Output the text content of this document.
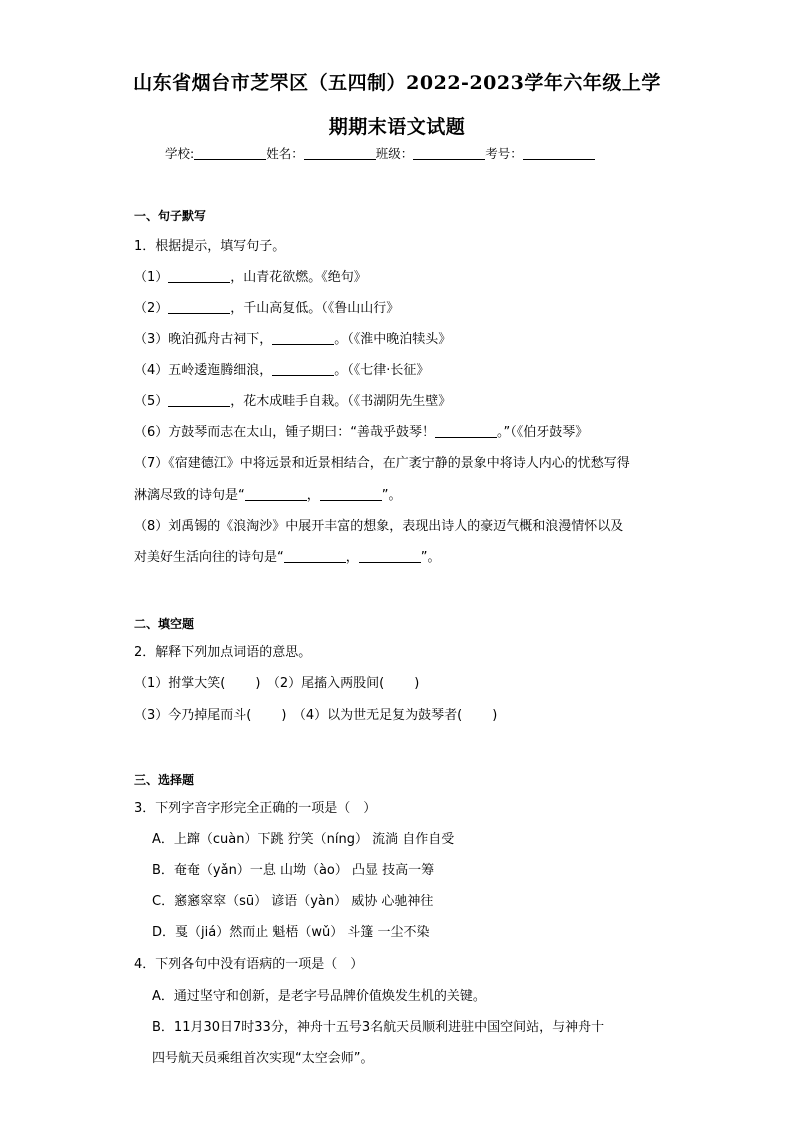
山东省烟台市芝罘区（五四制）2022-2023学年六年级上学
期期末语文试题
学校:	姓名：	班级：	考号：
一、句子默写
1．根据提示，填写句子。
（1）	，山青花欲燃。《绝句》
（2）	，千山高复低。（《鲁山山行》
（3）晚泊孤舟古祠下，	。（《淮中晚泊犊头》
（4）五岭逶迤腾细浪，	。（《七律·长征》
（5）	，花木成畦手自栽。（《书湖阴先生壁》
（6）方鼓琴而志在太山，锺子期曰：“善哉乎鼓琴！	。”（《伯牙鼓琴》
（7）《宿建德江》中将远景和近景相结合，在广袤宁静的景象中将诗人内心的忧愁写得
淋漓尽致的诗句是“	，	”。
（8）刘禹锡的《浪淘沙》中展开丰富的想象，表现出诗人的豪迈气概和浪漫情怀以及
对美好生活向往的诗句是“	，	”。
二、填空题
2．解释下列加点词语的意思。
（1）拊掌大笑( )　（2）尾搐入两股间( )
（3）今乃掉尾而斗( )　（4）以为世无足复为鼓琴者( )
三、选择题
3．下列字音字形完全正确的一项是（　）
A．上蹿（cuàn）下跳 狞笑（níng） 流淌 自作自受
B．奄奄（yǎn）一息 山坳（ào） 凸显 技高一筹
C．窸窸窣窣（sū） 谚语（yàn） 威协 心驰神往
D．戛（jiá）然而止 魁梧（wǔ） 斗篷 一尘不染
4．下列各句中没有语病的一项是（　）
A．通过坚守和创新，是老字号品牌价值焕发生机的关键。
B．11月30日7时33分，神舟十五号3名航天员顺利进驻中国空间站，与神舟十
四号航天员乘组首次实现“太空会师”。
